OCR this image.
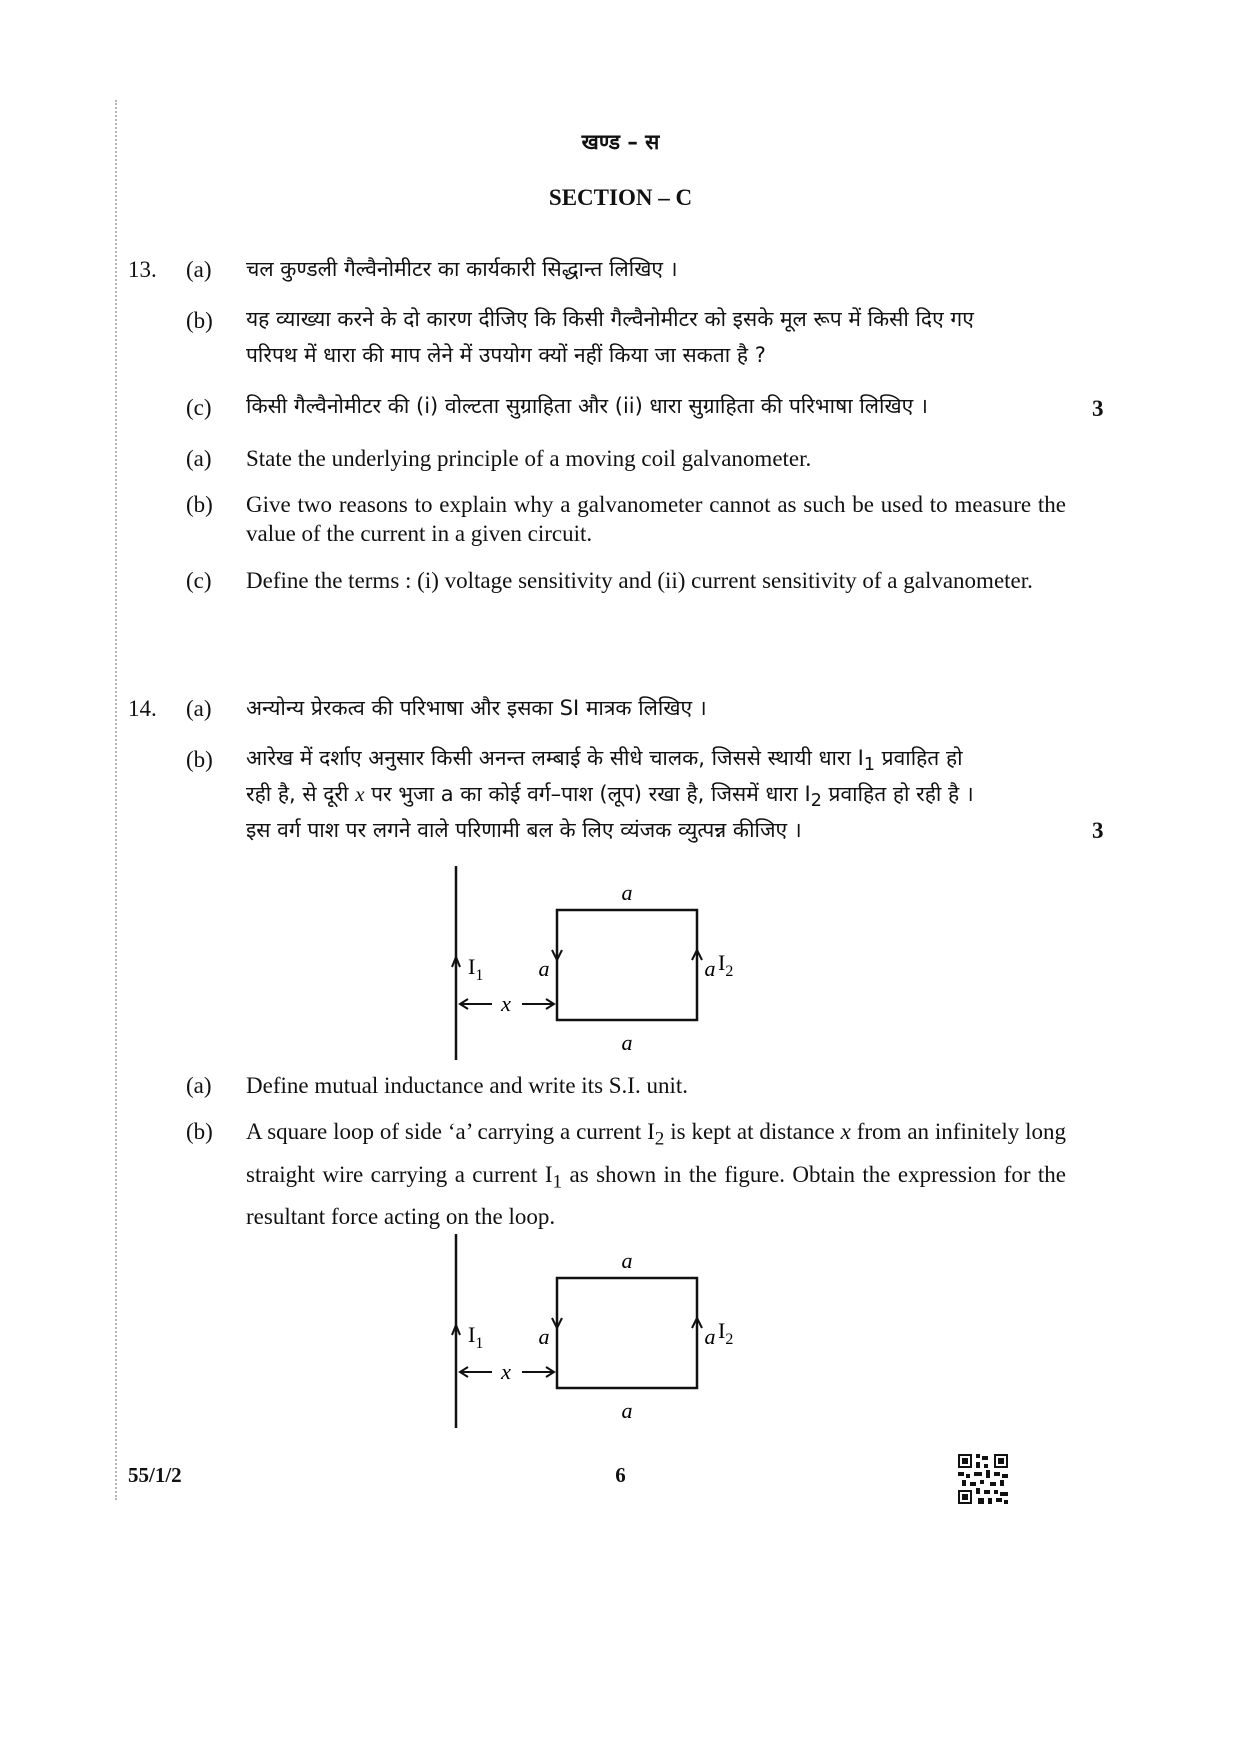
खण्ड – स
SECTION – C
13. (a) चल कुण्डली गैल्वैनोमीटर का कार्यकारी सिद्धान्त लिखिए ।
(b) यह व्याख्या करने के दो कारण दीजिए कि किसी गैल्वैनोमीटर को इसके मूल रूप में किसी दिए गए
परिपथ में धारा की माप लेने में उपयोग क्यों नहीं किया जा सकता है ?
(c) किसी गैल्वैनोमीटर की (i) वोल्टता सुग्राहिता और (ii) धारा सुग्राहिता की परिभाषा लिखिए ।	3
(a) State the underlying principle of a moving coil galvanometer.
(b) Give two reasons to explain why a galvanometer cannot as such be used to measure the value of the current in a given circuit.
(c) Define the terms : (i) voltage sensitivity and (ii) current sensitivity of a galvanometer.
14. (a) अन्योन्य प्रेरकत्व की परिभाषा और इसका SI मात्रक लिखिए ।
(b) आरेख में दर्शाए अनुसार किसी अनन्त लम्बाई के सीधे चालक, जिससे स्थायी धारा $I_1$ प्रवाहित हो
रही है, से दूरी x पर भुजा a का कोई वर्ग–पाश (लूप) रखा है, जिसमें धारा $I_2$ प्रवाहित हो रही है ।
इस वर्ग पाश पर लगने वाले परिणामी बल के लिए व्यंजक व्युत्पन्न कीजिए ।	3
$I_1$
$I_2$
a
a	a
a
x
(a) Define mutual inductance and write its S.I. unit.
(b) A square loop of side ‘a’ carrying a current $I_2$ is kept at distance x from an infinitely long straight wire carrying a current $I_1$ as shown in the figure. Obtain the expression for the resultant force acting on the loop.
$I_1$
$I_2$
a
a	a
a
x
55/1/2	6
